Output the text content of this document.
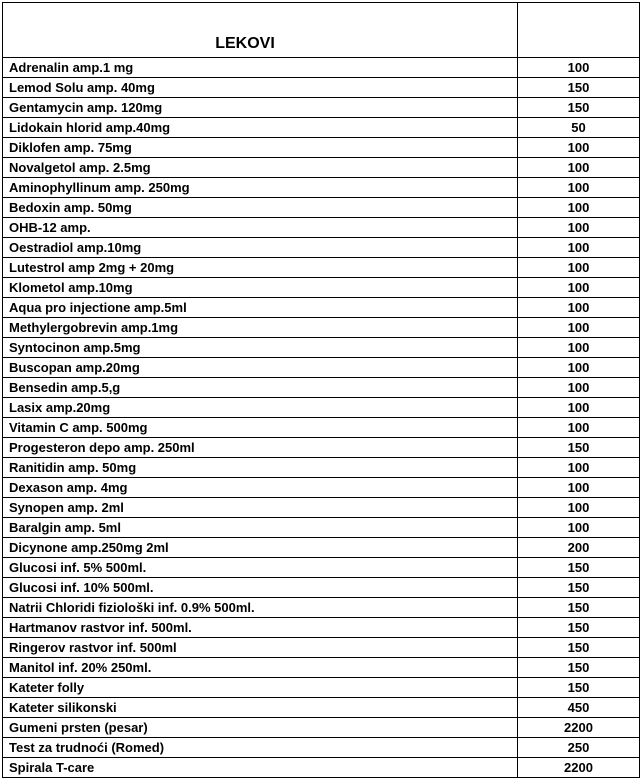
LEKOVI	
Adrenalin amp.1 mg	100
Lemod Solu amp. 40mg	150
Gentamycin amp. 120mg	150
Lidokain hlorid amp.40mg	50
Diklofen amp. 75mg	100
Novalgetol amp. 2.5mg	100
Aminophyllinum amp. 250mg	100
Bedoxin amp. 50mg	100
OHB-12 amp.	100
Oestradiol amp.10mg	100
Lutestrol amp 2mg + 20mg	100
Klometol amp.10mg	100
Aqua pro injectione amp.5ml	100
Methylergobrevin amp.1mg	100
Syntocinon amp.5mg	100
Buscopan amp.20mg	100
Bensedin amp.5,g	100
Lasix amp.20mg	100
Vitamin C amp. 500mg	100
Progesteron depo amp. 250ml	150
Ranitidin amp. 50mg	100
Dexason amp. 4mg	100
Synopen amp. 2ml	100
Baralgin amp. 5ml	100
Dicynone amp.250mg 2ml	200
Glucosi inf. 5% 500ml.	150
Glucosi inf. 10% 500ml.	150
Natrii Chloridi fiziološki inf. 0.9% 500ml.	150
Hartmanov rastvor inf. 500ml.	150
Ringerov rastvor inf. 500ml	150
Manitol inf. 20% 250ml.	150
Kateter folly	150
Kateter silikonski	450
Gumeni prsten (pesar)	2200
Test za trudnoći (Romed)	250
Spirala T-care	2200
